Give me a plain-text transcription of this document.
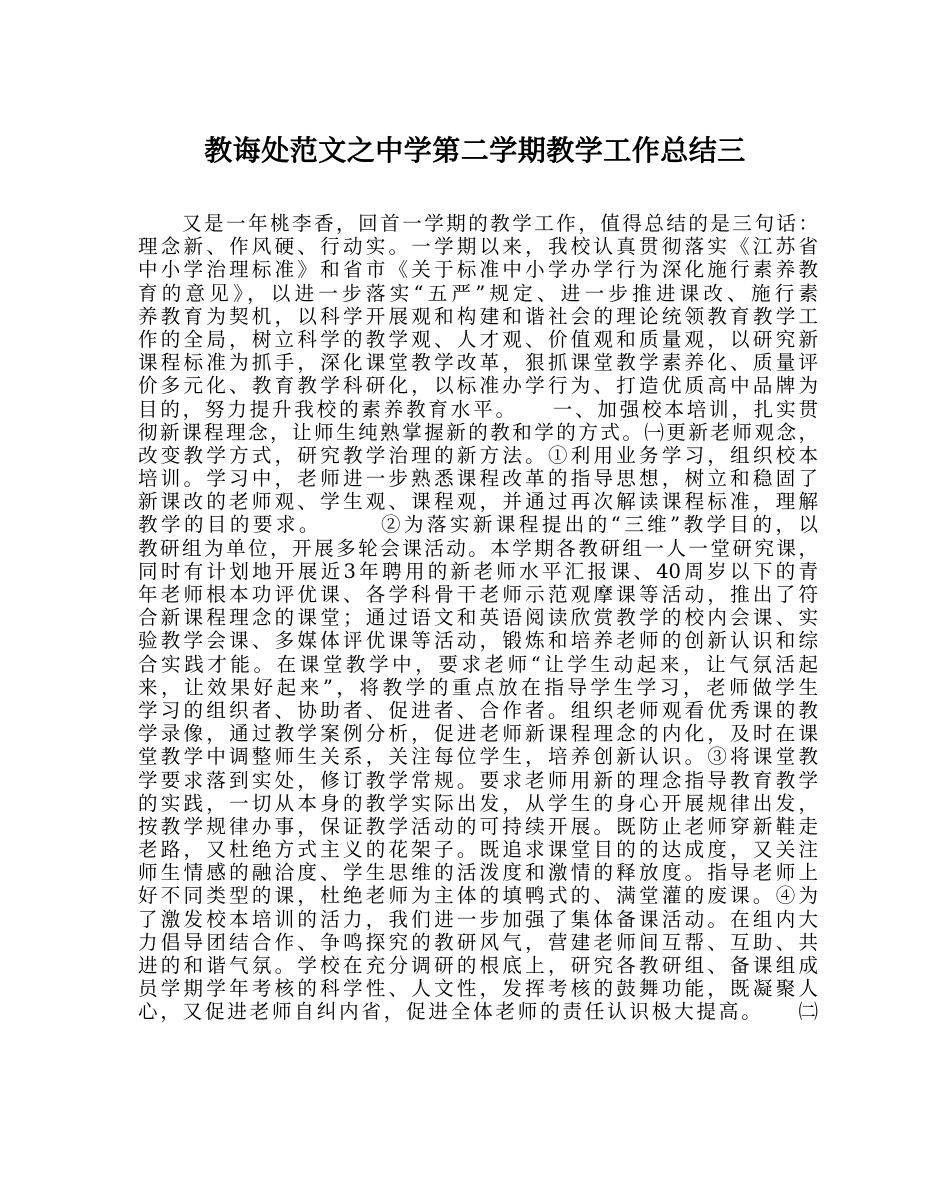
教诲处范文之中学第二学期教学工作总结三
　　又是一年桃李香，回首一学期的教学工作，值得总结的是三句话：
理念新、作风硬、行动实。一学期以来，我校认真贯彻落实《江苏省
中小学治理标准》和省市《关于标准中小学办学行为深化施行素养教
育的意见》，以进一步落实“五严”规定、进一步推进课改、施行素
养教育为契机，以科学开展观和构建和谐社会的理论统领教育教学工
作的全局，树立科学的教学观、人才观、价值观和质量观，以研究新
课程标准为抓手，深化课堂教学改革，狠抓课堂教学素养化、质量评
价多元化、教育教学科研化，以标准办学行为、打造优质高中品牌为
目的，努力提升我校的素养教育水平。　　一、加强校本培训，扎实贯
彻新课程理念，让师生纯熟掌握新的教和学的方式。㈠更新老师观念，
改变教学方式，研究教学治理的新方法。①利用业务学习，组织校本
培训。学习中，老师进一步熟悉课程改革的指导思想，树立和稳固了
新课改的老师观、学生观、课程观，并通过再次解读课程标准，理解
教学的目的要求。　　　②为落实新课程提出的“三维”教学目的，以
教研组为单位，开展多轮会课活动。本学期各教研组一人一堂研究课，
同时有计划地开展近3年聘用的新老师水平汇报课、40周岁以下的青
年老师根本功评优课、各学科骨干老师示范观摩课等活动，推出了符
合新课程理念的课堂；通过语文和英语阅读欣赏教学的校内会课、实
验教学会课、多媒体评优课等活动，锻炼和培养老师的创新认识和综
合实践才能。在课堂教学中，要求老师“让学生动起来，让气氛活起
来，让效果好起来”，将教学的重点放在指导学生学习，老师做学生
学习的组织者、协助者、促进者、合作者。组织老师观看优秀课的教
学录像，通过教学案例分析，促进老师新课程理念的内化，及时在课
堂教学中调整师生关系，关注每位学生，培养创新认识。③将课堂教
学要求落到实处，修订教学常规。要求老师用新的理念指导教育教学
的实践，一切从本身的教学实际出发，从学生的身心开展规律出发，
按教学规律办事，保证教学活动的可持续开展。既防止老师穿新鞋走
老路，又杜绝方式主义的花架子。既追求课堂目的的达成度，又关注
师生情感的融洽度、学生思维的活泼度和激情的释放度。指导老师上
好不同类型的课，杜绝老师为主体的填鸭式的、满堂灌的废课。④为
了激发校本培训的活力，我们进一步加强了集体备课活动。在组内大
力倡导团结合作、争鸣探究的教研风气，营建老师间互帮、互助、共
进的和谐气氛。学校在充分调研的根底上，研究各教研组、备课组成
员学期学年考核的科学性、人文性，发挥考核的鼓舞功能，既凝聚人
心，又促进老师自纠内省，促进全体老师的责任认识极大提高。　　㈡
